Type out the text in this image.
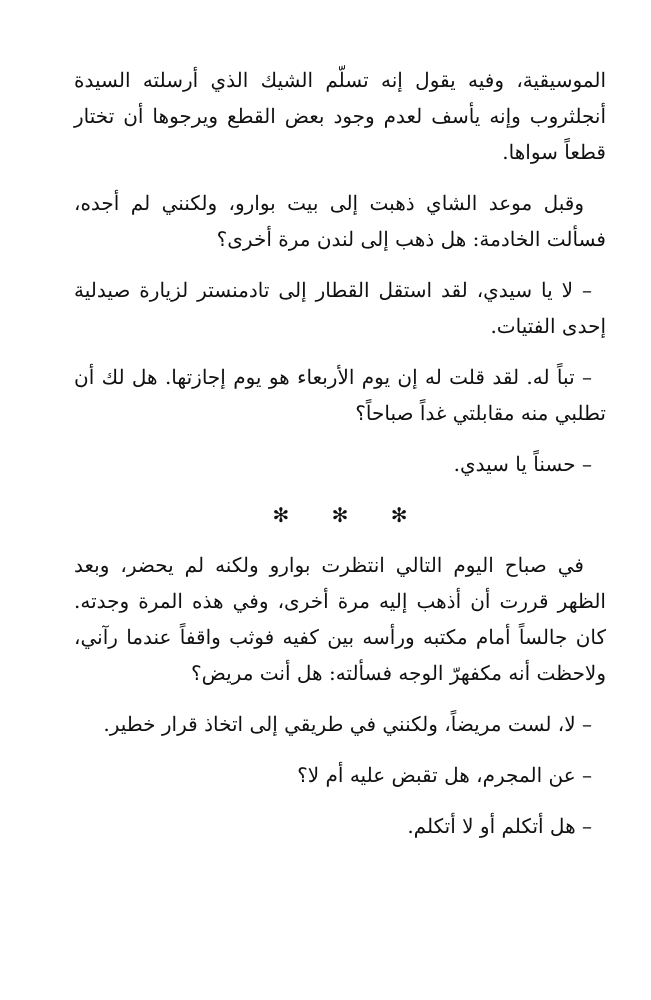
الموسيقية، وفيه يقول إنه تسلّم الشيك الذي أرسلته السيدة أنجلثروب وإنه يأسف لعدم وجود بعض القطع ويرجوها أن تختار قطعاً سواها.

وقبل موعد الشاي ذهبت إلى بيت بوارو، ولكنني لم أجده، فسألت الخادمة: هل ذهب إلى لندن مرة أخرى؟

– لا يا سيدي، لقد استقل القطار إلى تادمنستر لزيارة صيدلية إحدى الفتيات.

– تباً له. لقد قلت له إن يوم الأربعاء هو يوم إجازتها. هل لك أن تطلبي منه مقابلتي غداً صباحاً؟

– حسناً يا سيدي.

✻ ✻ ✻

في صباح اليوم التالي انتظرت بوارو ولكنه لم يحضر، وبعد الظهر قررت أن أذهب إليه مرة أخرى، وفي هذه المرة وجدته. كان جالساً أمام مكتبه ورأسه بين كفيه فوثب واقفاً عندما رآني، ولاحظت أنه مكفهرّ الوجه فسألته: هل أنت مريض؟

– لا، لست مريضاً، ولكنني في طريقي إلى اتخاذ قرار خطير.

– عن المجرم، هل تقبض عليه أم لا؟

– هل أتكلم أو لا أتكلم.
